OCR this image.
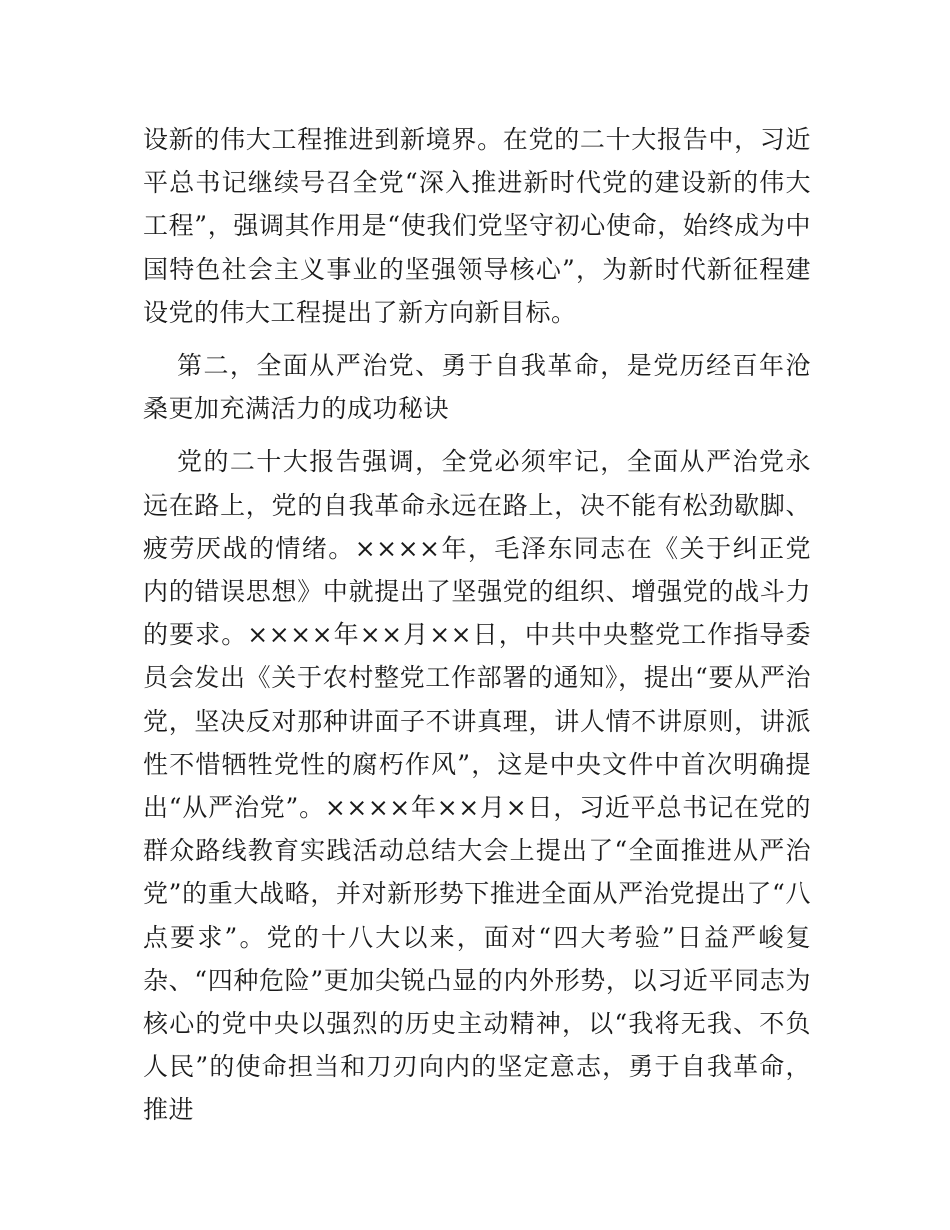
设新的伟大工程推进到新境界。在党的二十大报告中，习近平总书记继续号召全党“深入推进新时代党的建设新的伟大工程”，强调其作用是“使我们党坚守初心使命，始终成为中国特色社会主义事业的坚强领导核心”，为新时代新征程建设党的伟大工程提出了新方向新目标。

第二，全面从严治党、勇于自我革命，是党历经百年沧桑更加充满活力的成功秘诀

党的二十大报告强调，全党必须牢记，全面从严治党永远在路上，党的自我革命永远在路上，决不能有松劲歇脚、疲劳厌战的情绪。××××年，毛泽东同志在《关于纠正党内的错误思想》中就提出了坚强党的组织、增强党的战斗力的要求。××××年××月××日，中共中央整党工作指导委员会发出《关于农村整党工作部署的通知》，提出“要从严治党，坚决反对那种讲面子不讲真理，讲人情不讲原则，讲派性不惜牺牲党性的腐朽作风”，这是中央文件中首次明确提出“从严治党”。××××年××月×日，习近平总书记在党的群众路线教育实践活动总结大会上提出了“全面推进从严治党”的重大战略，并对新形势下推进全面从严治党提出了“八点要求”。党的十八大以来，面对“四大考验”日益严峻复杂、“四种危险”更加尖锐凸显的内外形势，以习近平同志为核心的党中央以强烈的历史主动精神，以“我将无我、不负人民”的使命担当和刀刃向内的坚定意志，勇于自我革命，推进
